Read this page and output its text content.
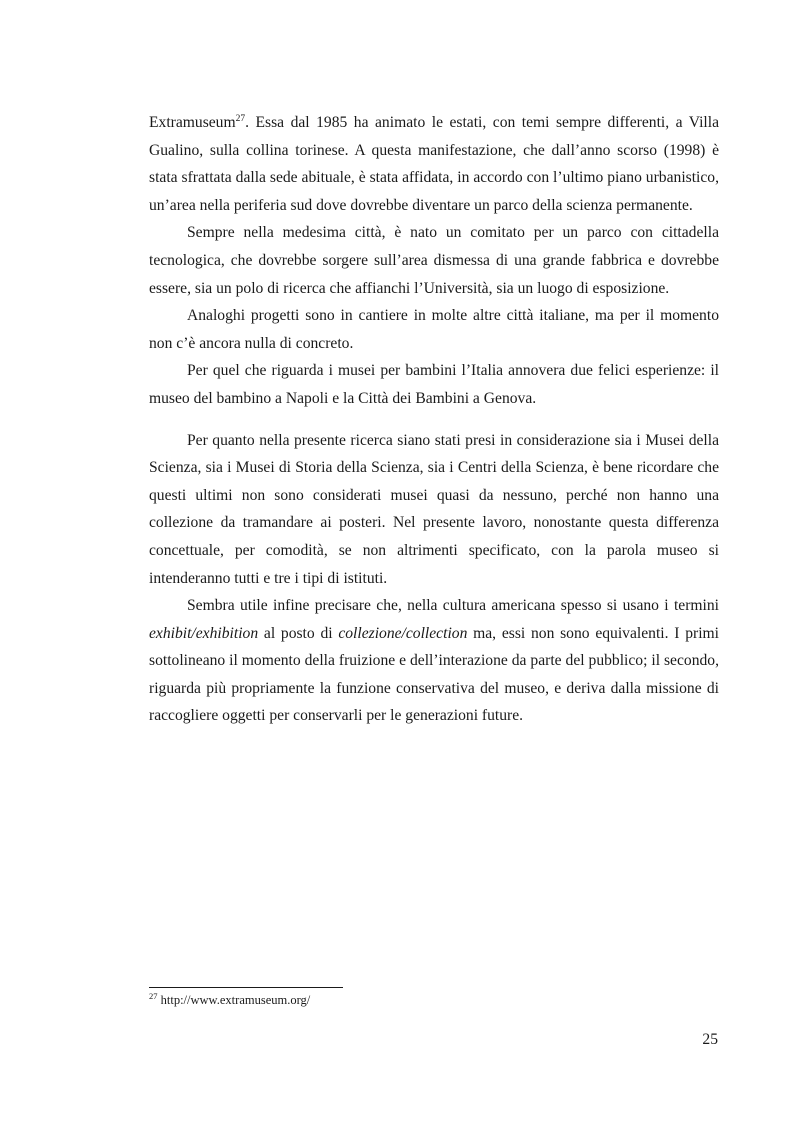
Extramuseum$^{27}$. Essa dal 1985 ha animato le estati, con temi sempre differenti, a Villa Gualino, sulla collina torinese. A questa manifestazione, che dall’anno scorso (1998) è stata sfrattata dalla sede abituale, è stata affidata, in accordo con l’ultimo piano urbanistico, un’area nella periferia sud dove dovrebbe diventare un parco della scienza permanente.

Sempre nella medesima città, è nato un comitato per un parco con cittadella tecnologica, che dovrebbe sorgere sull’area dismessa di una grande fabbrica e dovrebbe essere, sia un polo di ricerca che affianchi l’Università, sia un luogo di esposizione.

Analoghi progetti sono in cantiere in molte altre città italiane, ma per il momento non c’è ancora nulla di concreto.

Per quel che riguarda i musei per bambini l’Italia annovera due felici esperienze: il museo del bambino a Napoli e la Città dei Bambini a Genova.

Per quanto nella presente ricerca siano stati presi in considerazione sia i Musei della Scienza, sia i Musei di Storia della Scienza, sia i Centri della Scienza, è bene ricordare che questi ultimi non sono considerati musei quasi da nessuno, perché non hanno una collezione da tramandare ai posteri. Nel presente lavoro, nonostante questa differenza concettuale, per comodità, se non altrimenti specificato, con la parola museo si intenderanno tutti e tre i tipi di istituti.

Sembra utile infine precisare che, nella cultura americana spesso si usano i termini exhibit/exhibition al posto di collezione/collection ma, essi non sono equivalenti. I primi sottolineano il momento della fruizione e dell’interazione da parte del pubblico; il secondo, riguarda più propriamente la funzione conservativa del museo, e deriva dalla missione di raccogliere oggetti per conservarli per le generazioni future.

$^{27}$ http://www.extramuseum.org/
25
